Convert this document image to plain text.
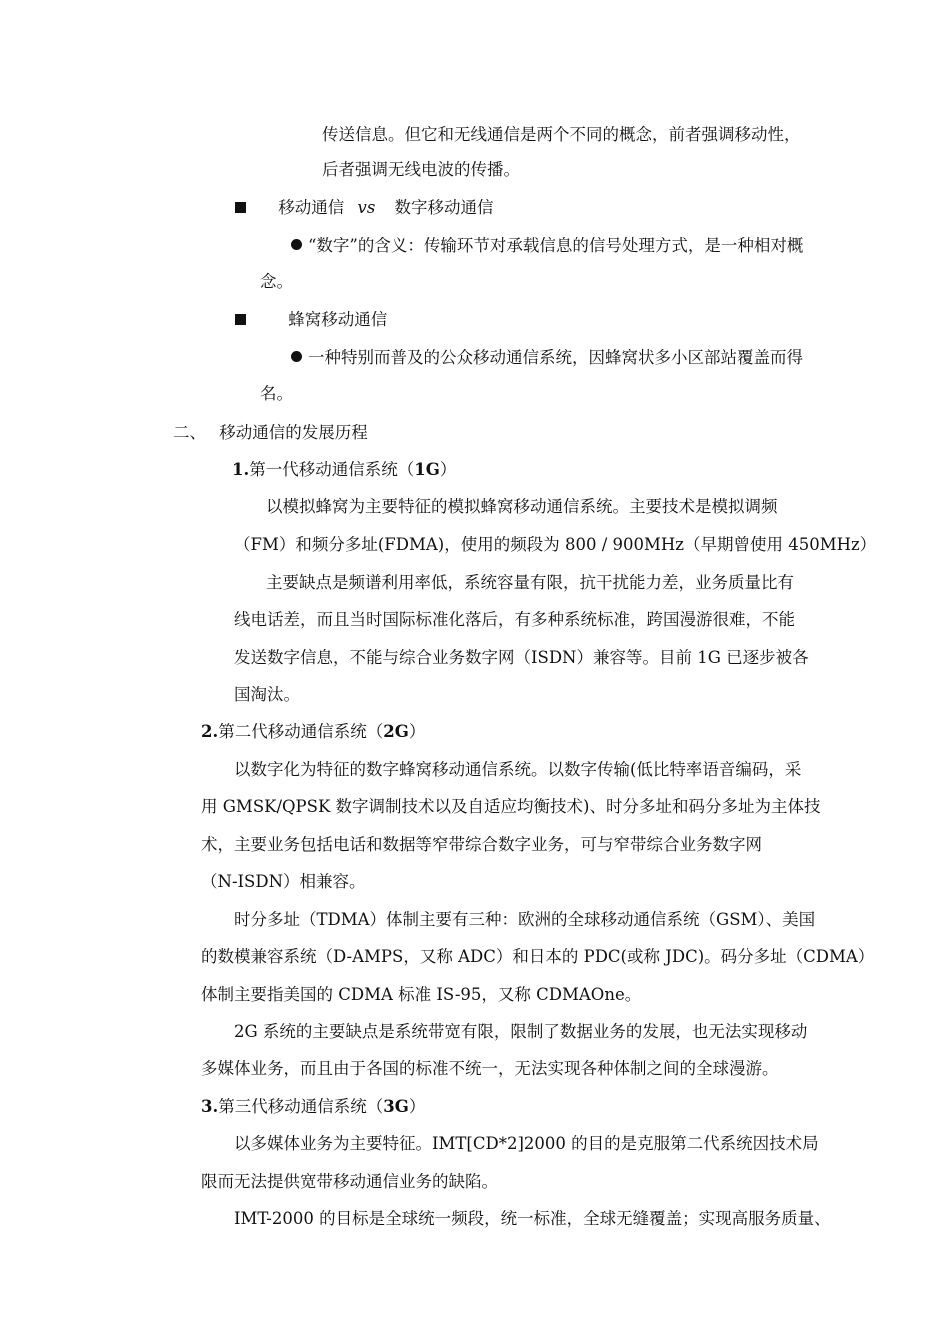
传送信息。但它和无线通信是两个不同的概念，前者强调移动性，
后者强调无线电波的传播。
移动通信 vs 数字移动通信
“数字”的含义：传输环节对承载信息的信号处理方式，是一种相对概
念。
蜂窝移动通信
一种特别而普及的公众移动通信系统，因蜂窝状多小区部站覆盖而得
名。
二、 移动通信的发展历程
1.第一代移动通信系统（1G）
以模拟蜂窝为主要特征的模拟蜂窝移动通信系统。主要技术是模拟调频
（FM）和频分多址(FDMA)，使用的频段为 800 / 900MHz（早期曾使用 450MHz）
主要缺点是频谱利用率低，系统容量有限，抗干扰能力差，业务质量比有
线电话差，而且当时国际标准化落后，有多种系统标准，跨国漫游很难，不能
发送数字信息，不能与综合业务数字网（ISDN）兼容等。目前 1G 已逐步被各
国淘汰。
2.第二代移动通信系统（2G）
以数字化为特征的数字蜂窝移动通信系统。以数字传输(低比特率语音编码，采
用 GMSK/QPSK 数字调制技术以及自适应均衡技术)、时分多址和码分多址为主体技
术，主要业务包括电话和数据等窄带综合数字业务，可与窄带综合业务数字网
（N-ISDN）相兼容。
时分多址（TDMA）体制主要有三种：欧洲的全球移动通信系统（GSM）、美国
的数模兼容系统（D-AMPS，又称 ADC）和日本的 PDC(或称 JDC)。码分多址（CDMA）
体制主要指美国的 CDMA 标准 IS-95，又称 CDMAOne。
2G 系统的主要缺点是系统带宽有限，限制了数据业务的发展，也无法实现移动
多媒体业务，而且由于各国的标准不统一，无法实现各种体制之间的全球漫游。
3.第三代移动通信系统（3G）
以多媒体业务为主要特征。IMT[CD*2]2000 的目的是克服第二代系统因技术局
限而无法提供宽带移动通信业务的缺陷。
IMT-2000 的目标是全球统一频段，统一标准，全球无缝覆盖；实现高服务质量、
